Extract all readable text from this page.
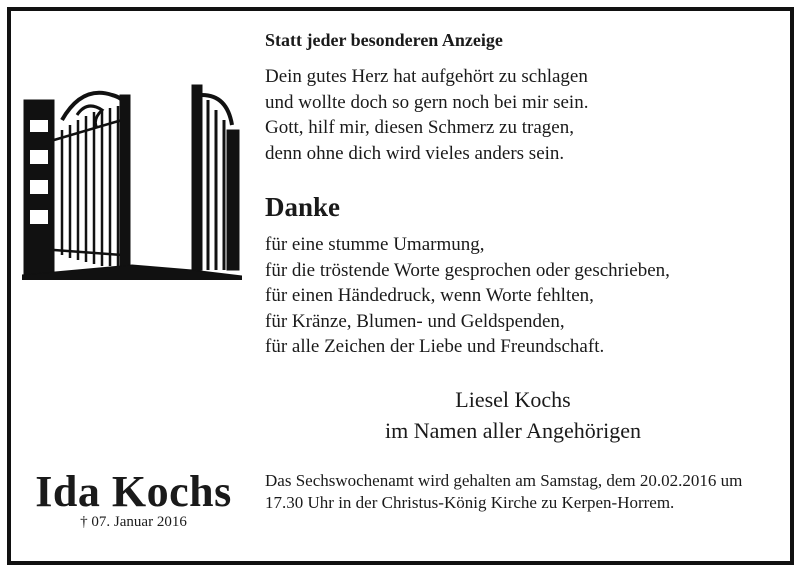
Statt jeder besonderen Anzeige
Dein gutes Herz hat aufgehört zu schlagen
und wollte doch so gern noch bei mir sein.
Gott, hilf mir, diesen Schmerz zu tragen,
denn ohne dich wird vieles anders sein.
Danke
für eine stumme Umarmung,
für die tröstende Worte gesprochen oder geschrieben,
für einen Händedruck, wenn Worte fehlten,
für Kränze, Blumen- und Geldspenden,
für alle Zeichen der Liebe und Freundschaft.
Liesel Kochs
im Namen aller Angehörigen
Das Sechswochenamt wird gehalten am Samstag, dem 20.02.2016 um 17.30 Uhr in der Christus-König Kirche zu Kerpen-Horrem.
Ida Kochs
† 07. Januar 2016
